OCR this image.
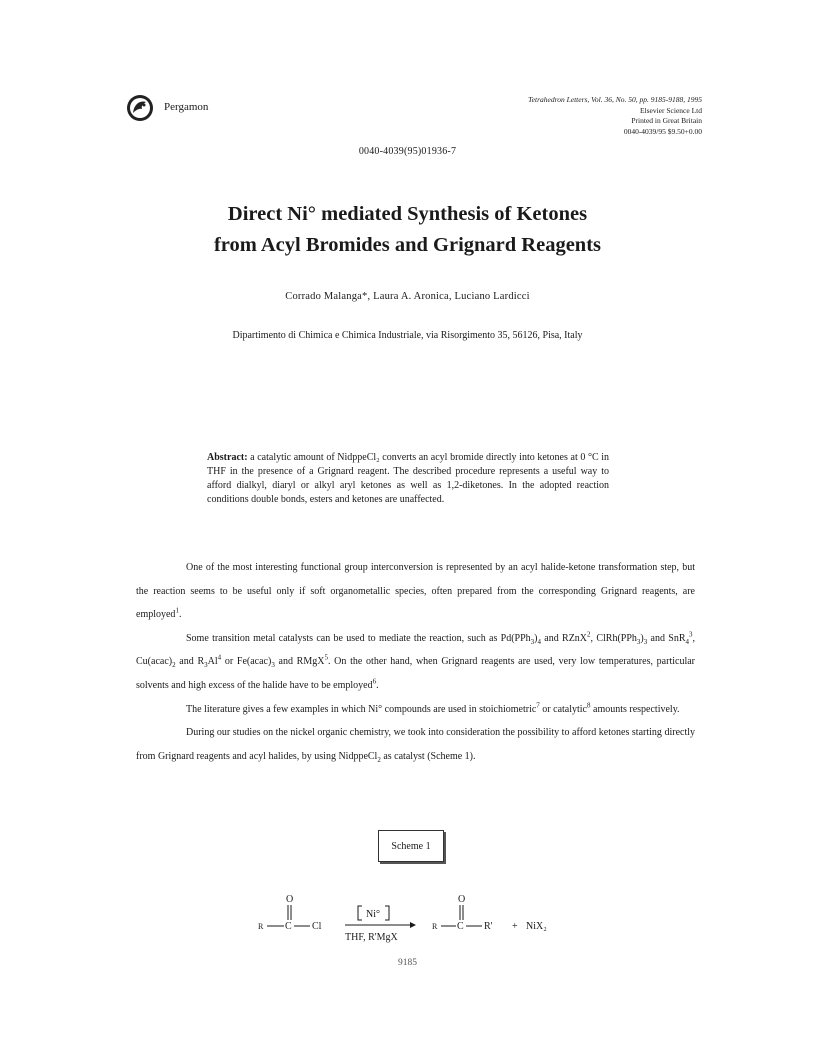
Pergamon
Tetrahedron Letters, Vol. 36, No. 50, pp. 9185-9188, 1995
Elsevier Science Ltd
Printed in Great Britain
0040-4039/95 $9.50+0.00
0040-4039(95)01936-7
Direct Ni° mediated Synthesis of Ketones
from Acyl Bromides and Grignard Reagents
Corrado Malanga*, Laura A. Aronica, Luciano Lardicci
Dipartimento di Chimica e Chimica Industriale, via Risorgimento 35, 56126, Pisa, Italy
Abstract: a catalytic amount of NidppeCl₂ converts an acyl bromide directly into ketones at 0 °C in THF in the presence of a Grignard reagent. The described procedure represents a useful way to afford dialkyl, diaryl or alkyl aryl ketones as well as 1,2-diketones. In the adopted reaction conditions double bonds, esters and ketones are unaffected.

One of the most interesting functional group interconversion is represented by an acyl halide-ketone transformation step, but the reaction seems to be useful only if soft organometallic species, often prepared from the corresponding Grignard reagents, are employed$^1$.

Some transition metal catalysts can be used to mediate the reaction, such as $Pd(PPh_3)_4$ and RZnX$^2$, $ClRh(PPh_3)_3$ and SnR$_4^3$, $Cu(acac)_2$ and $R_3Al^4$ or $Fe(acac)_3$ and RMgX$^5$. On the other hand, when Grignard reagents are used, very low temperatures, particular solvents and high excess of the halide have to be employed$^6$.

The literature gives a few examples in which Ni° compounds are used in stoichiometric$^7$ or catalytic$^8$ amounts respectively.

During our studies on the nickel organic chemistry, we took into consideration the possibility to afford ketones starting directly from Grignard reagents and acyl halides, by using NidppeCl$_2$ as catalyst (Scheme 1).

Scheme 1
O
R C Cl
Ni°
THF, R'MgX
O
R C R' + NiX₂
9185
